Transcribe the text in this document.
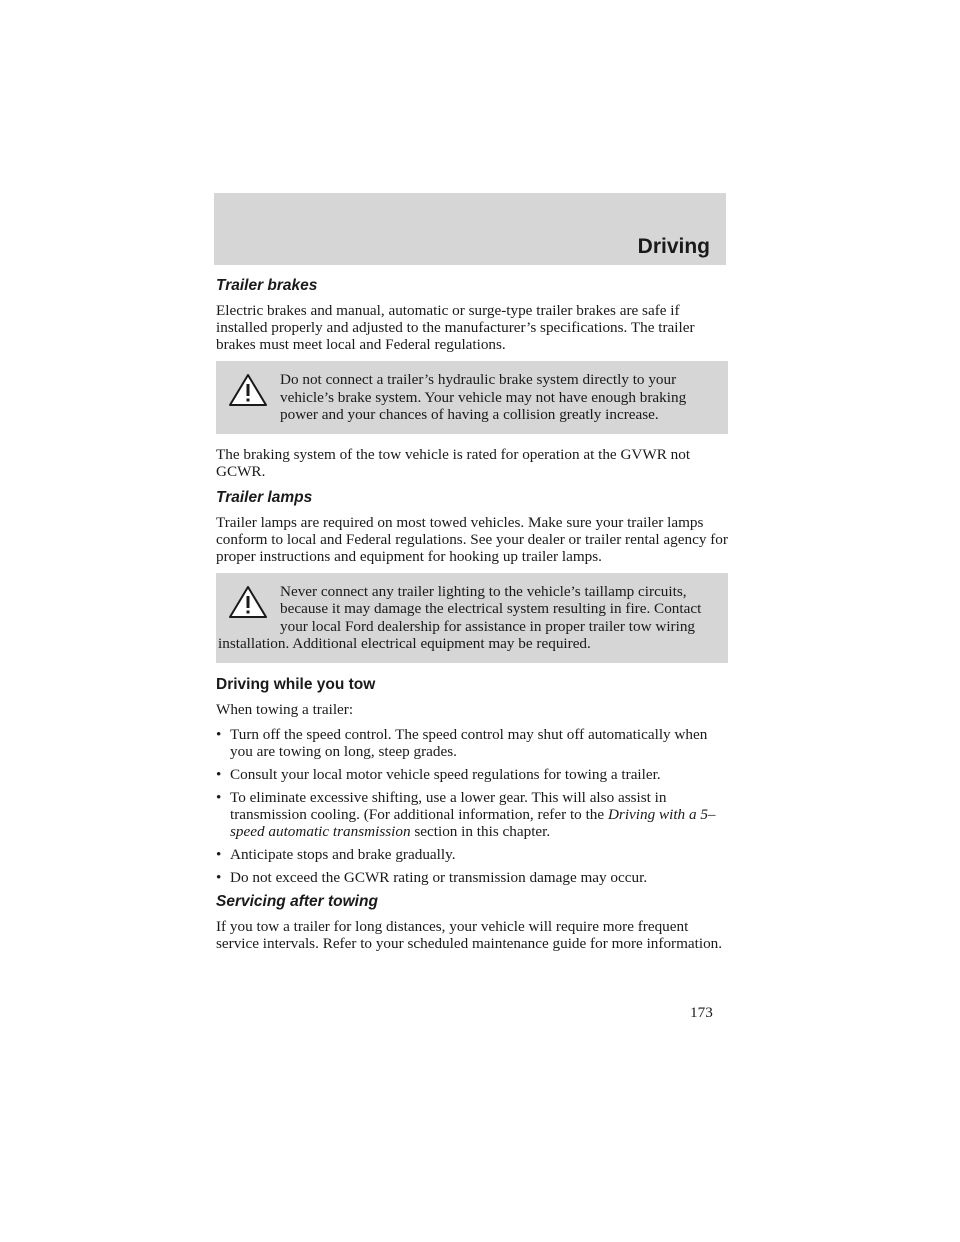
Driving
Trailer brakes

Electric brakes and manual, automatic or surge-type trailer brakes are safe if installed properly and adjusted to the manufacturer’s specifications. The trailer brakes must meet local and Federal regulations.

Do not connect a trailer’s hydraulic brake system directly to your vehicle’s brake system. Your vehicle may not have enough braking power and your chances of having a collision greatly increase.

The braking system of the tow vehicle is rated for operation at the GVWR not GCWR.

Trailer lamps

Trailer lamps are required on most towed vehicles. Make sure your trailer lamps conform to local and Federal regulations. See your dealer or trailer rental agency for proper instructions and equipment for hooking up trailer lamps.

Never connect any trailer lighting to the vehicle’s taillamp circuits, because it may damage the electrical system resulting in fire. Contact your local Ford dealership for assistance in proper trailer tow wiring installation. Additional electrical equipment may be required.

Driving while you tow

When towing a trailer:

• Turn off the speed control. The speed control may shut off automatically when you are towing on long, steep grades.
• Consult your local motor vehicle speed regulations for towing a trailer.
• To eliminate excessive shifting, use a lower gear. This will also assist in transmission cooling. (For additional information, refer to the Driving with a 5–speed automatic transmission section in this chapter.
• Anticipate stops and brake gradually.
• Do not exceed the GCWR rating or transmission damage may occur.
Servicing after towing

If you tow a trailer for long distances, your vehicle will require more frequent service intervals. Refer to your scheduled maintenance guide for more information.

173
